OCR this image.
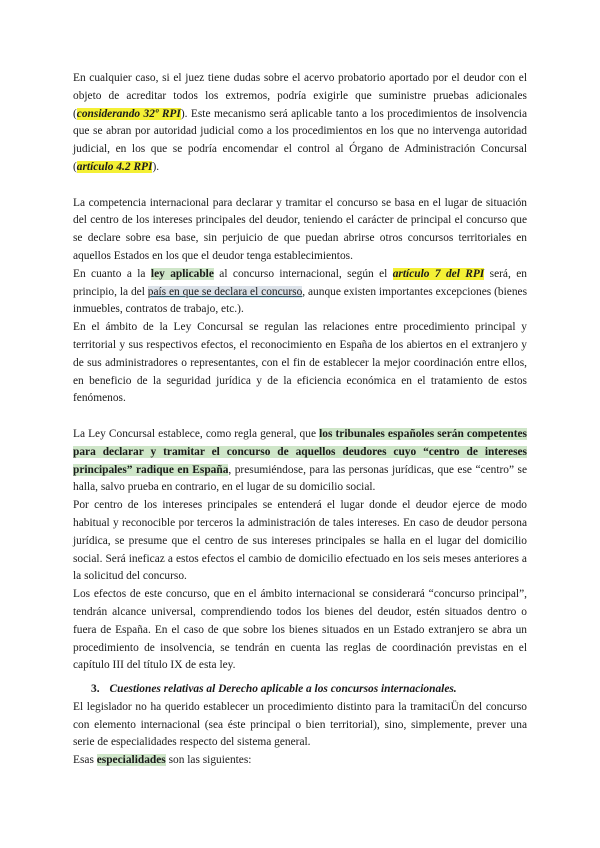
En cualquier caso, si el juez tiene dudas sobre el acervo probatorio aportado por el deudor con el objeto de acreditar todos los extremos, podría exigirle que suministre pruebas adicionales (considerando 32º RPI). Este mecanismo será aplicable tanto a los procedimientos de insolvencia que se abran por autoridad judicial como a los procedimientos en los que no intervenga autoridad judicial, en los que se podría encomendar el control al Órgano de Administración Concursal (artículo 4.2 RPI).

La competencia internacional para declarar y tramitar el concurso se basa en el lugar de situación del centro de los intereses principales del deudor, teniendo el carácter de principal el concurso que se declare sobre esa base, sin perjuicio de que puedan abrirse otros concursos territoriales en aquellos Estados en los que el deudor tenga establecimientos.

En cuanto a la ley aplicable al concurso internacional, según el artículo 7 del RPI será, en principio, la del país en que se declara el concurso, aunque existen importantes excepciones (bienes inmuebles, contratos de trabajo, etc.).

En el ámbito de la Ley Concursal se regulan las relaciones entre procedimiento principal y territorial y sus respectivos efectos, el reconocimiento en España de los abiertos en el extranjero y de sus administradores o representantes, con el fin de establecer la mejor coordinación entre ellos, en beneficio de la seguridad jurídica y de la eficiencia económica en el tratamiento de estos fenómenos.

La Ley Concursal establece, como regla general, que los tribunales españoles serán competentes para declarar y tramitar el concurso de aquellos deudores cuyo “centro de intereses principales” radique en España, presumiéndose, para las personas jurídicas, que ese “centro” se halla, salvo prueba en contrario, en el lugar de su domicilio social.

Por centro de los intereses principales se entenderá el lugar donde el deudor ejerce de modo habitual y reconocible por terceros la administración de tales intereses. En caso de deudor persona jurídica, se presume que el centro de sus intereses principales se halla en el lugar del domicilio social. Será ineficaz a estos efectos el cambio de domicilio efectuado en los seis meses anteriores a la solicitud del concurso.

Los efectos de este concurso, que en el ámbito internacional se considerará “concurso principal”, tendrán alcance universal, comprendiendo todos los bienes del deudor, estén situados dentro o fuera de España. En el caso de que sobre los bienes situados en un Estado extranjero se abra un procedimiento de insolvencia, se tendrán en cuenta las reglas de coordinación previstas en el capítulo III del título IX de esta ley.

3. Cuestiones relativas al Derecho aplicable a los concursos internacionales.

El legislador no ha querido establecer un procedimiento distinto para la tramitaciÜn del concurso con elemento internacional (sea éste principal o bien territorial), sino, simplemente, prever una serie de especialidades respecto del sistema general.

Esas especialidades son las siguientes:
